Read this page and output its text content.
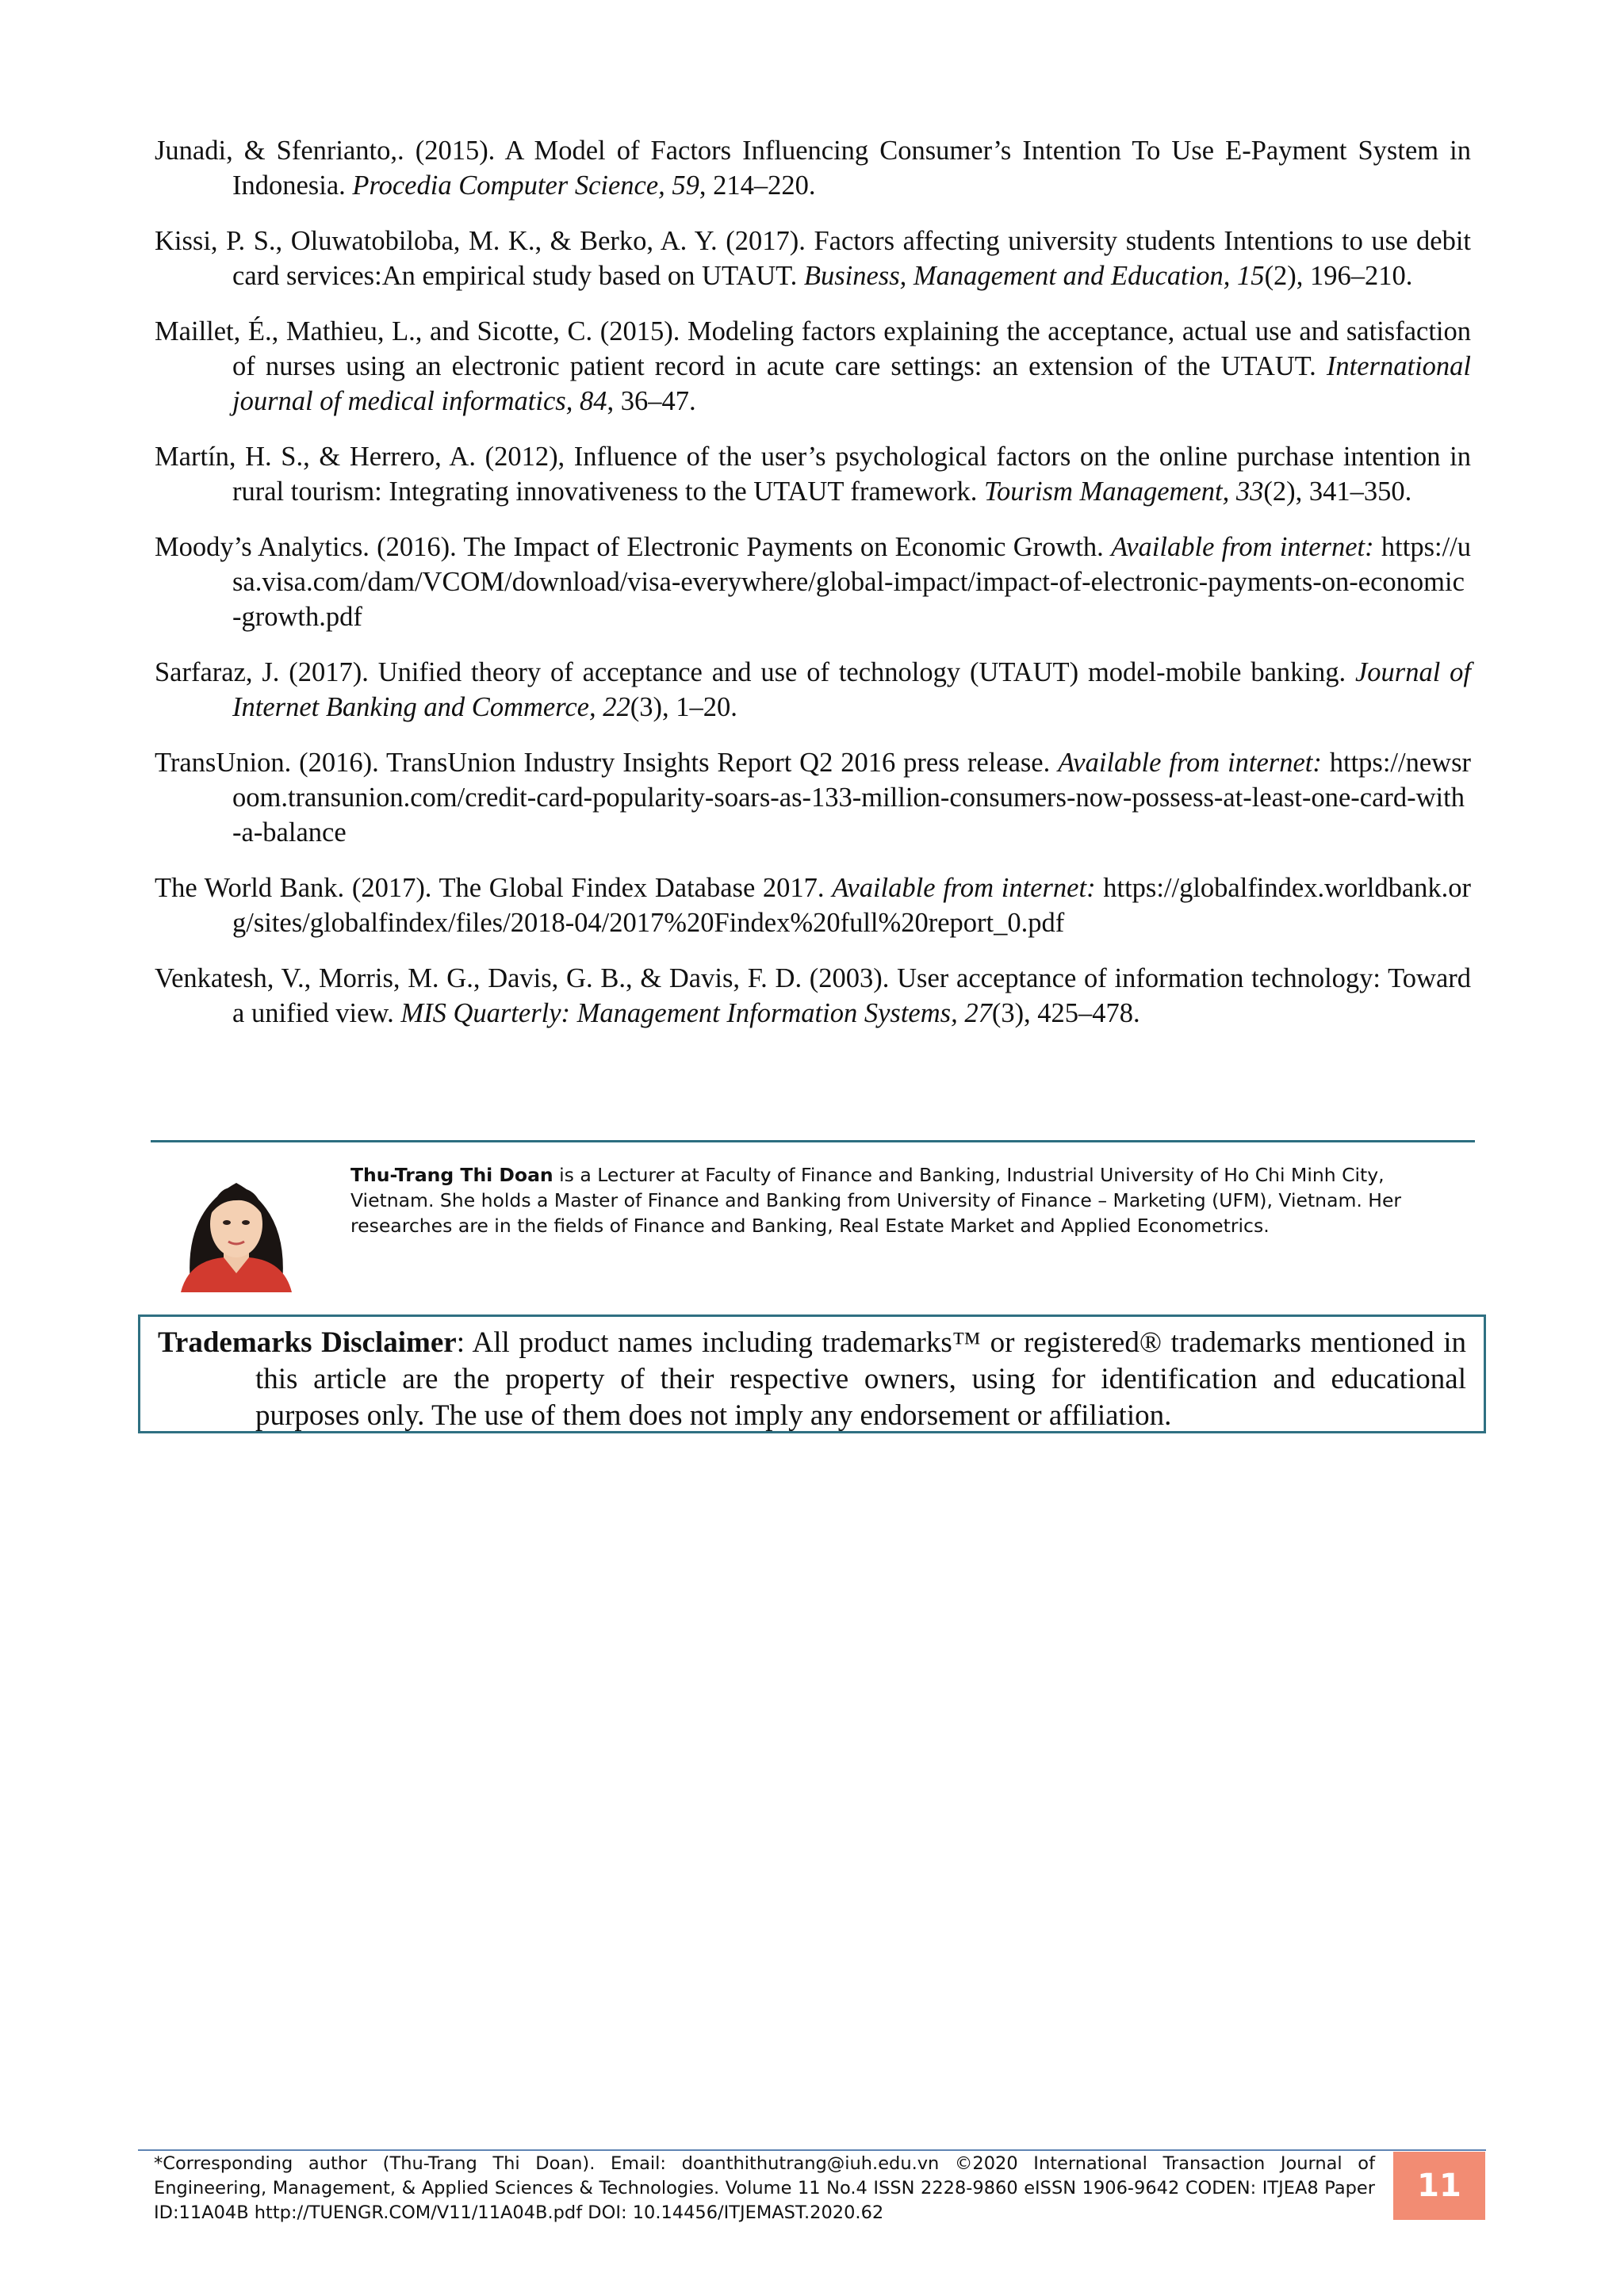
Junadi, & Sfenrianto,. (2015). A Model of Factors Influencing Consumer’s Intention To Use E-Payment System in Indonesia. Procedia Computer Science, 59, 214–220.

Kissi, P. S., Oluwatobiloba, M. K., & Berko, A. Y. (2017). Factors affecting university students Intentions to use debit card services:An empirical study based on UTAUT. Business, Management and Education, 15(2), 196–210.

Maillet, É., Mathieu, L., and Sicotte, C. (2015). Modeling factors explaining the acceptance, actual use and satisfaction of nurses using an electronic patient record in acute care settings: an extension of the UTAUT. International journal of medical informatics, 84, 36–47.

Martín, H. S., & Herrero, A. (2012), Influence of the user’s psychological factors on the online purchase intention in rural tourism: Integrating innovativeness to the UTAUT framework. Tourism Management, 33(2), 341–350.

Moody’s Analytics. (2016). The Impact of Electronic Payments on Economic Growth. Available from internet: https://usa.visa.com/dam/VCOM/download/visa-everywhere/global-impact/impact-of-electronic-payments-on-economic-growth.pdf

Sarfaraz, J. (2017). Unified theory of acceptance and use of technology (UTAUT) model-mobile banking. Journal of Internet Banking and Commerce, 22(3), 1–20.

TransUnion. (2016). TransUnion Industry Insights Report Q2 2016 press release. Available from internet: https://newsroom.transunion.com/credit-card-popularity-soars-as-133-million-consumers-now-possess-at-least-one-card-with-a-balance

The World Bank. (2017). The Global Findex Database 2017. Available from internet: https://globalfindex.worldbank.org/sites/globalfindex/files/2018-04/2017%20Findex%20full%20report_0.pdf

Venkatesh, V., Morris, M. G., Davis, G. B., & Davis, F. D. (2003). User acceptance of information technology: Toward a unified view. MIS Quarterly: Management Information Systems, 27(3), 425–478.

Thu-Trang Thi Doan is a Lecturer at Faculty of Finance and Banking, Industrial University of Ho Chi Minh City, Vietnam. She holds a Master of Finance and Banking from University of Finance – Marketing (UFM), Vietnam. Her researches are in the fields of Finance and Banking, Real Estate Market and Applied Econometrics.

Trademarks Disclaimer: All product names including trademarks™ or registered® trademarks mentioned in this article are the property of their respective owners, using for identification and educational purposes only. The use of them does not imply any endorsement or affiliation.

*Corresponding author (Thu-Trang Thi Doan). Email: doanthithutrang@iuh.edu.vn ©2020 International Transaction Journal of Engineering, Management, & Applied Sciences & Technologies. Volume 11 No.4 ISSN 2228-9860 eISSN 1906-9642 CODEN: ITJEA8 Paper ID:11A04B http://TUENGR.COM/V11/11A04B.pdf DOI: 10.14456/ITJEMAST.2020.62

11
